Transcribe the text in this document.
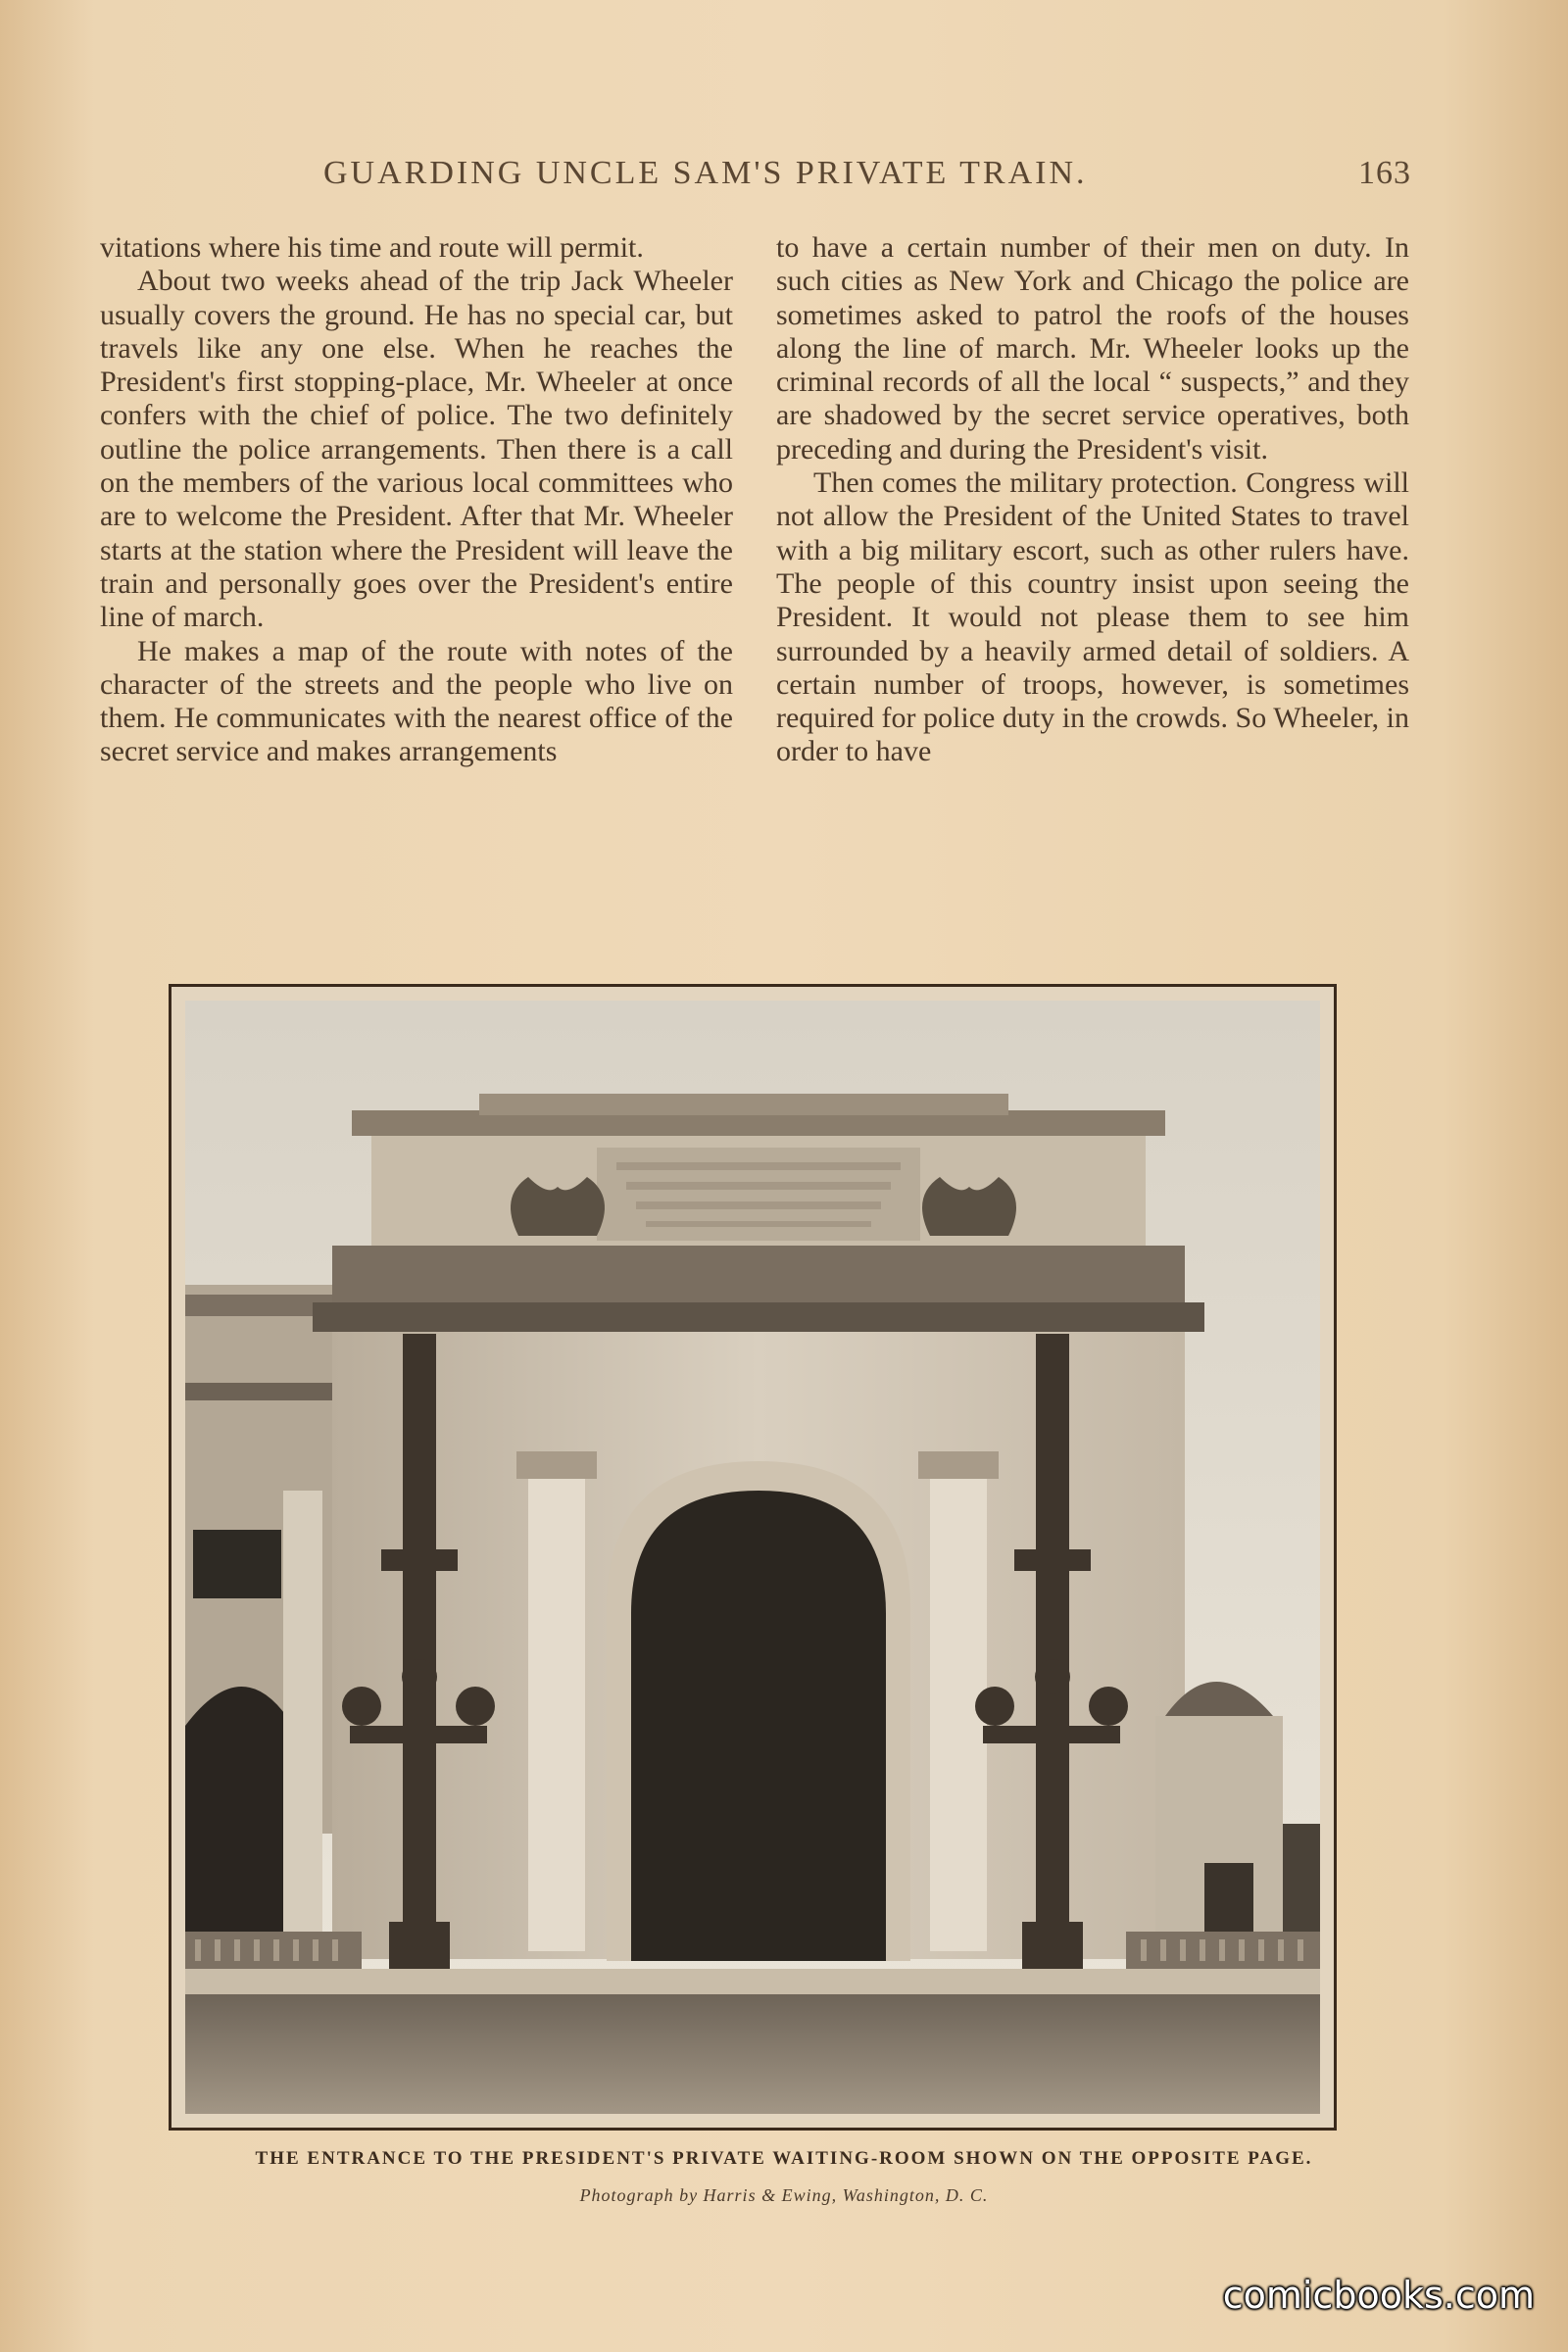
GUARDING UNCLE SAM'S PRIVATE TRAIN.	163

vitations where his time and route will permit.

About two weeks ahead of the trip Jack Wheeler usually covers the ground. He has no special car, but travels like any one else. When he reaches the President's first stopping-place, Mr. Wheeler at once confers with the chief of police. The two definitely outline the police arrangements. Then there is a call on the members of the various local committees who are to welcome the President. After that Mr. Wheeler starts at the station where the President will leave the train and personally goes over the President's entire line of march.

He makes a map of the route with notes of the character of the streets and the people who live on them. He communicates with the nearest office of the secret service and makes arrangements

to have a certain number of their men on duty. In such cities as New York and Chicago the police are sometimes asked to patrol the roofs of the houses along the line of march. Mr. Wheeler looks up the criminal records of all the local “ suspects,” and they are shadowed by the secret service operatives, both preceding and during the President's visit.

Then comes the military protection. Congress will not allow the President of the United States to travel with a big military escort, such as other rulers have. The people of this country insist upon seeing the President. It would not please them to see him surrounded by a heavily armed detail of soldiers. A certain number of troops, however, is sometimes required for police duty in the crowds. So Wheeler, in order to have

THE ENTRANCE TO THE PRESIDENT'S PRIVATE WAITING-ROOM SHOWN ON THE OPPOSITE PAGE.
Photograph by Harris & Ewing, Washington, D. C.
comicbooks.com
